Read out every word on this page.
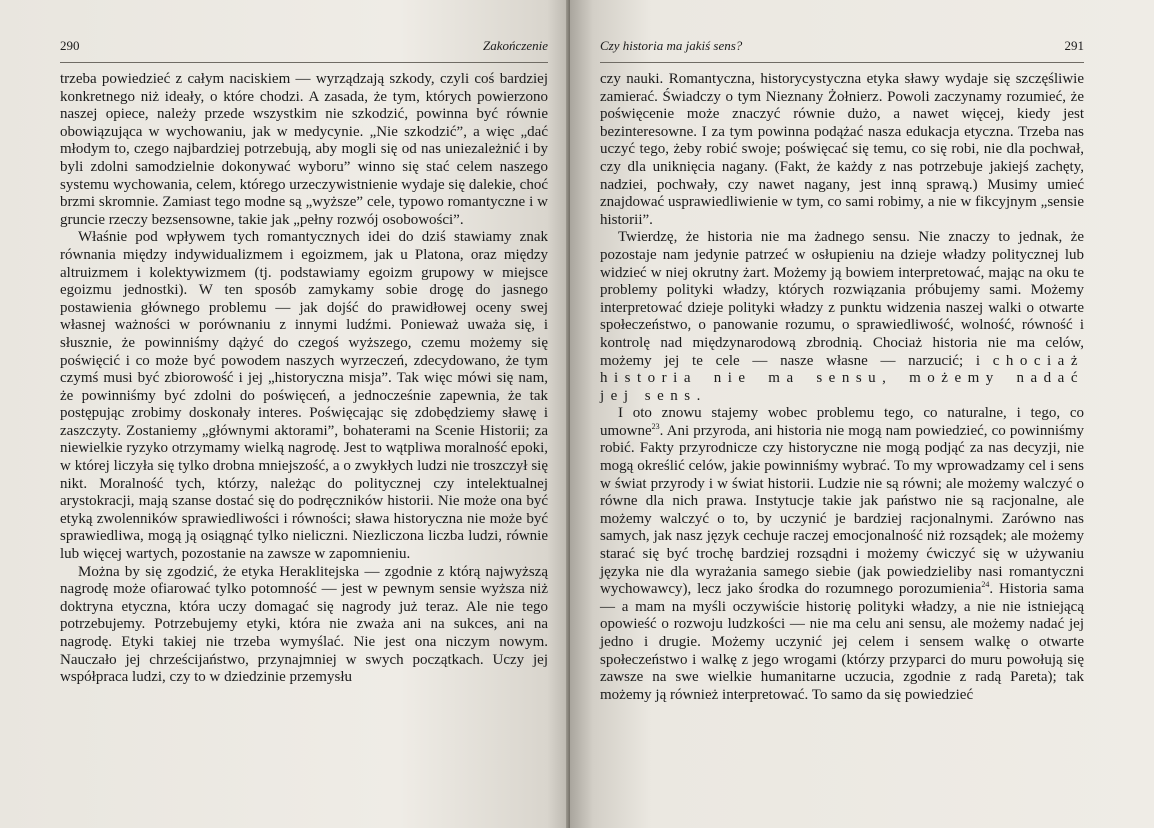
290	Zakończenie

trzeba powiedzieć z całym naciskiem — wyrządzają szkody, czyli coś bardziej konkretnego niż ideały, o które chodzi. A zasada, że tym, których powierzono naszej opiece, należy przede wszystkim nie szkodzić, powinna być równie obowiązująca w wychowaniu, jak w medycynie. „Nie szkodzić”, a więc „dać młodym to, czego najbardziej potrzebują, aby mogli się od nas uniezależnić i by byli zdolni samodzielnie dokonywać wyboru” winno się stać celem naszego systemu wychowania, celem, którego urzeczywistnienie wydaje się dalekie, choć brzmi skromnie. Zamiast tego modne są „wyższe” cele, typowo romantyczne i w gruncie rzeczy bezsensowne, takie jak „pełny rozwój osobowości”.

Właśnie pod wpływem tych romantycznych idei do dziś stawiamy znak równania między indywidualizmem i egoizmem, jak u Platona, oraz między altruizmem i kolektywizmem (tj. podstawiamy egoizm grupowy w miejsce egoizmu jednostki). W ten sposób zamykamy sobie drogę do jasnego postawienia głównego problemu — jak dojść do prawidłowej oceny swej własnej ważności w porównaniu z innymi ludźmi. Ponieważ uważa się, i słusznie, że powinniśmy dążyć do czegoś wyższego, czemu możemy się poświęcić i co może być powodem naszych wyrzeczeń, zdecydowano, że tym czymś musi być zbiorowość i jej „historyczna misja”. Tak więc mówi się nam, że powinniśmy być zdolni do poświęceń, a jednocześnie zapewnia, że tak postępując zrobimy doskonały interes. Poświęcając się zdobędziemy sławę i zaszczyty. Zostaniemy „głównymi aktorami”, bohaterami na Scenie Historii; za niewielkie ryzyko otrzymamy wielką nagrodę. Jest to wątpliwa moralność epoki, w której liczyła się tylko drobna mniejszość, a o zwykłych ludzi nie troszczył się nikt. Moralność tych, którzy, należąc do politycznej czy intelektualnej arystokracji, mają szanse dostać się do podręczników historii. Nie może ona być etyką zwolenników sprawiedliwości i równości; sława historyczna nie może być sprawiedliwa, mogą ją osiągnąć tylko nieliczni. Niezliczona liczba ludzi, równie lub więcej wartych, pozostanie na zawsze w zapomnieniu.

Można by się zgodzić, że etyka Heraklitejska — zgodnie z którą najwyższą nagrodę może ofiarować tylko potomność — jest w pewnym sensie wyższa niż doktryna etyczna, która uczy domagać się nagrody już teraz. Ale nie tego potrzebujemy. Potrzebujemy etyki, która nie zważa ani na sukces, ani na nagrodę. Etyki takiej nie trzeba wymyślać. Nie jest ona niczym nowym. Nauczało jej chrześcijaństwo, przynajmniej w swych początkach. Uczy jej współpraca ludzi, czy to w dziedzinie przemysłu

Czy historia ma jakiś sens?	291

czy nauki. Romantyczna, historycystyczna etyka sławy wydaje się szczęśliwie zamierać. Świadczy o tym Nieznany Żołnierz. Powoli zaczynamy rozumieć, że poświęcenie może znaczyć równie dużo, a nawet więcej, kiedy jest bezinteresowne. I za tym powinna podążać nasza edukacja etyczna. Trzeba nas uczyć tego, żeby robić swoje; poświęcać się temu, co się robi, nie dla pochwał, czy dla uniknięcia nagany. (Fakt, że każdy z nas potrzebuje jakiejś zachęty, nadziei, pochwały, czy nawet nagany, jest inną sprawą.) Musimy umieć znajdować usprawiedliwienie w tym, co sami robimy, a nie w fikcyjnym „sensie historii”.

Twierdzę, że historia nie ma żadnego sensu. Nie znaczy to jednak, że pozostaje nam jedynie patrzeć w osłupieniu na dzieje władzy politycznej lub widzieć w niej okrutny żart. Możemy ją bowiem interpretować, mając na oku te problemy polityki władzy, których rozwiązania próbujemy sami. Możemy interpretować dzieje polityki władzy z punktu widzenia naszej walki o otwarte społeczeństwo, o panowanie rozumu, o sprawiedliwość, wolność, równość i kontrolę nad międzynarodową zbrodnią. Chociaż historia nie ma celów, możemy jej te cele — nasze własne — narzucić; i chociaż historia nie ma sensu, możemy nadać jej sens.

I oto znowu stajemy wobec problemu tego, co naturalne, i tego, co umowne$^{23}$. Ani przyroda, ani historia nie mogą nam powiedzieć, co powinniśmy robić. Fakty przyrodnicze czy historyczne nie mogą podjąć za nas decyzji, nie mogą określić celów, jakie powinniśmy wybrać. To my wprowadzamy cel i sens w świat przyrody i w świat historii. Ludzie nie są równi; ale możemy walczyć o równe dla nich prawa. Instytucje takie jak państwo nie są racjonalne, ale możemy walczyć o to, by uczynić je bardziej racjonalnymi. Zarówno nas samych, jak nasz język cechuje raczej emocjonalność niż rozsądek; ale możemy starać się być trochę bardziej rozsądni i możemy ćwiczyć się w używaniu języka nie dla wyrażania samego siebie (jak powiedzieliby nasi romantyczni wychowawcy), lecz jako środka do rozumnego porozumienia$^{24}$. Historia sama — a mam na myśli oczywiście historię polityki władzy, a nie nie istniejącą opowieść o rozwoju ludzkości — nie ma celu ani sensu, ale możemy nadać jej jedno i drugie. Możemy uczynić jej celem i sensem walkę o otwarte społeczeństwo i walkę z jego wrogami (którzy przyparci do muru powołują się zawsze na swe wielkie humanitarne uczucia, zgodnie z radą Pareta); tak możemy ją również interpretować. To samo da się powiedzieć
